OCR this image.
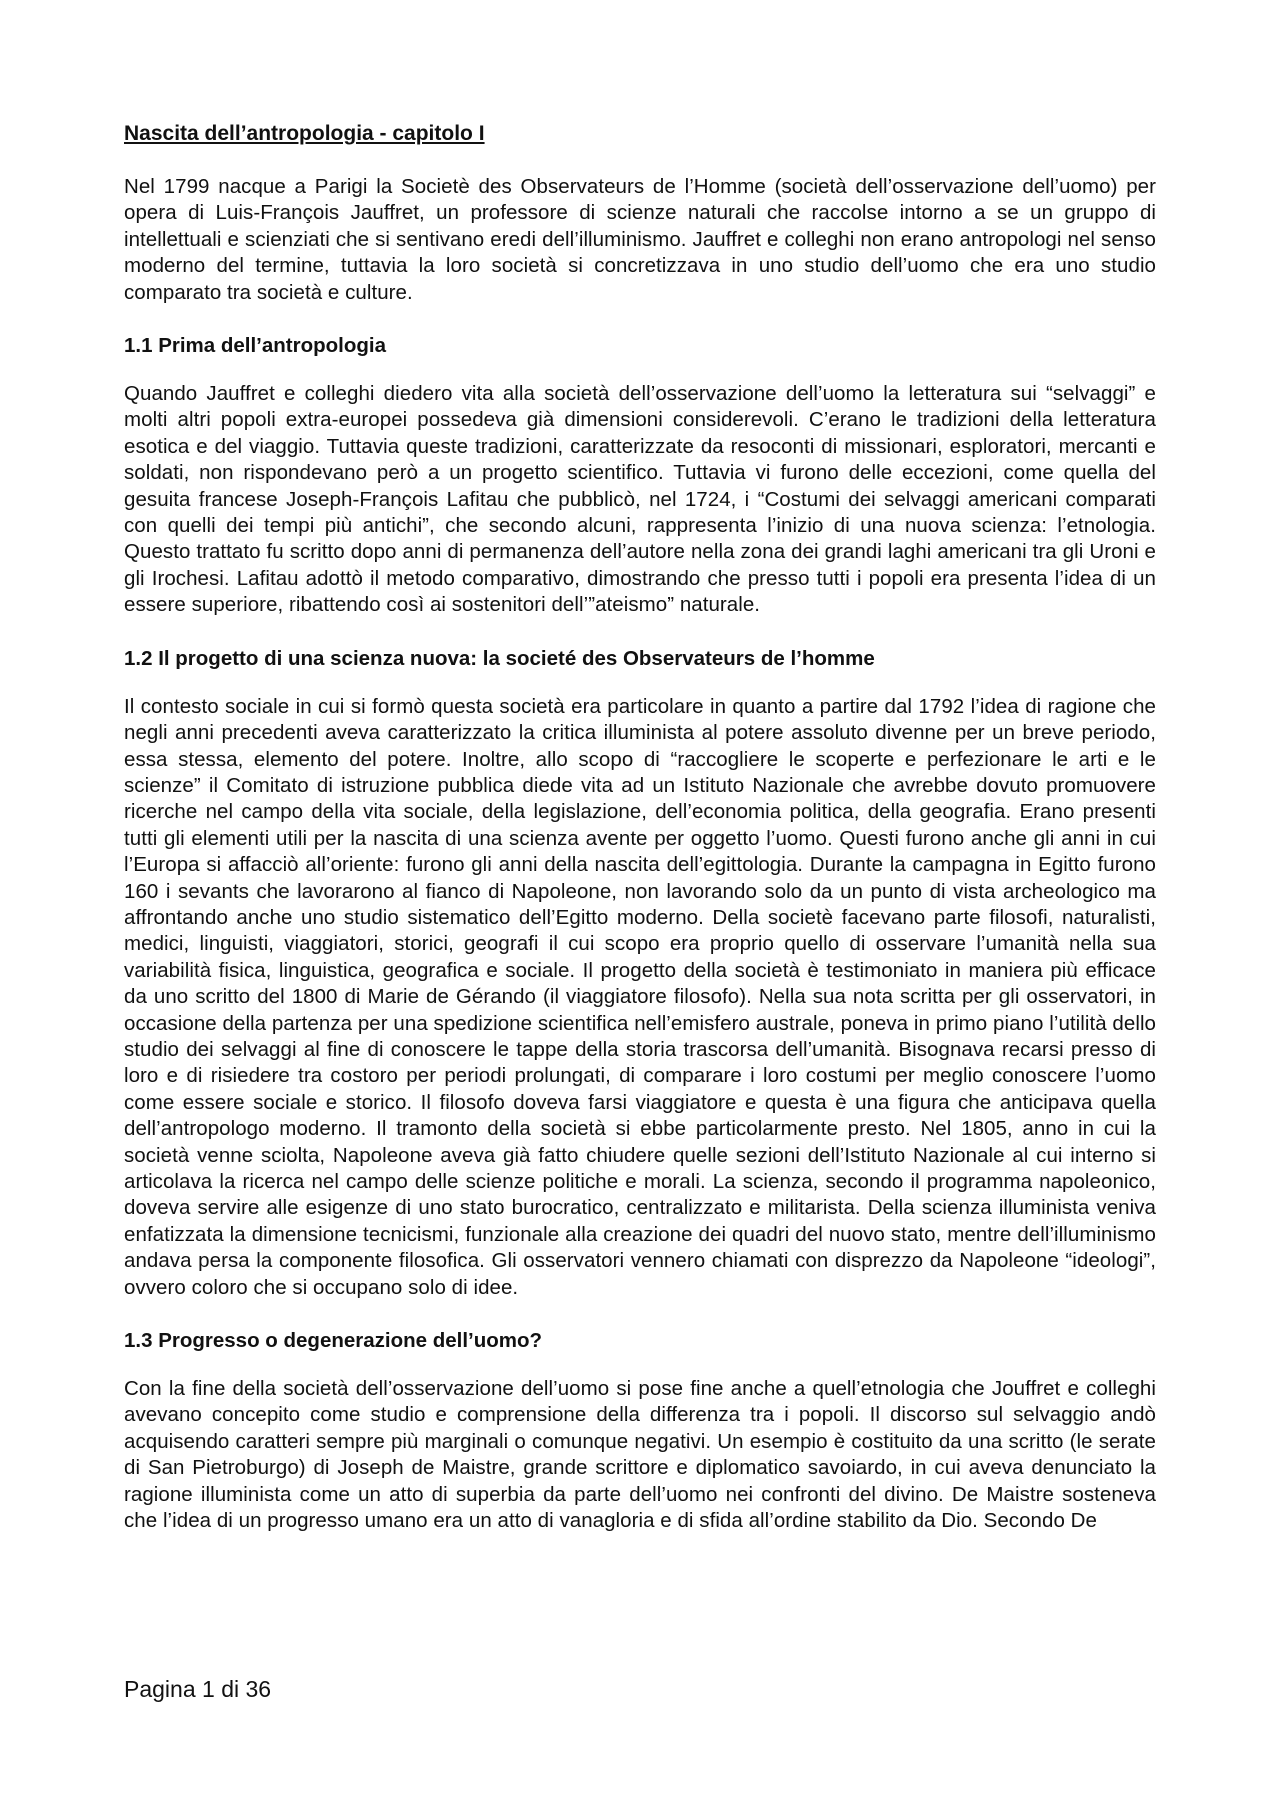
Nascita dell’antropologia - capitolo I

Nel 1799 nacque a Parigi la Societè des Observateurs de l’Homme (società dell’osservazione dell’uomo) per opera di Luis-François Jauffret, un professore di scienze naturali che raccolse intorno a se un gruppo di intellettuali e scienziati che si sentivano eredi dell’illuminismo. Jauffret e colleghi non erano antropologi nel senso moderno del termine, tuttavia la loro società si concretizzava in uno studio dell’uomo che era uno studio comparato tra società e culture.

1.1 Prima dell’antropologia

Quando Jauffret e colleghi diedero vita alla società dell’osservazione dell’uomo la letteratura sui “selvaggi” e molti altri popoli extra-europei possedeva già dimensioni considerevoli. C’erano le tradizioni della letteratura esotica e del viaggio. Tuttavia queste tradizioni, caratterizzate da resoconti di missionari, esploratori, mercanti e soldati, non rispondevano però a un progetto scientifico. Tuttavia vi furono delle eccezioni, come quella del gesuita francese Joseph-François Lafitau che pubblicò, nel 1724, i “Costumi dei selvaggi americani comparati con quelli dei tempi più antichi”, che secondo alcuni, rappresenta l’inizio di una nuova scienza: l’etnologia. Questo trattato fu scritto dopo anni di permanenza dell’autore nella zona dei grandi laghi americani tra gli Uroni e gli Irochesi. Lafitau adottò il metodo comparativo, dimostrando che presso tutti i popoli era presenta l’idea di un essere superiore, ribattendo così ai sostenitori dell’”ateismo” naturale.

1.2 Il progetto di una scienza nuova: la societé des Observateurs de l’homme

Il contesto sociale in cui si formò questa società era particolare in quanto a partire dal 1792 l’idea di ragione che negli anni precedenti aveva caratterizzato la critica illuminista al potere assoluto divenne per un breve periodo, essa stessa, elemento del potere. Inoltre, allo scopo di “raccogliere le scoperte e perfezionare le arti e le scienze” il Comitato di istruzione pubblica diede vita ad un Istituto Nazionale che avrebbe dovuto promuovere ricerche nel campo della vita sociale, della legislazione, dell’economia politica, della geografia. Erano presenti tutti gli elementi utili per la nascita di una scienza avente per oggetto l’uomo. Questi furono anche gli anni in cui l’Europa si affacciò all’oriente: furono gli anni della nascita dell’egittologia. Durante la campagna in Egitto furono 160 i sevants che lavorarono al fianco di Napoleone, non lavorando solo da un punto di vista archeologico ma affrontando anche uno studio sistematico dell’Egitto moderno. Della societè facevano parte filosofi, naturalisti, medici, linguisti, viaggiatori, storici, geografi il cui scopo era proprio quello di osservare l’umanità nella sua variabilità fisica, linguistica, geografica e sociale. Il progetto della società è testimoniato in maniera più efficace da uno scritto del 1800 di Marie de Gérando (il viaggiatore filosofo). Nella sua nota scritta per gli osservatori, in occasione della partenza per una spedizione scientifica nell’emisfero australe, poneva in primo piano l’utilità dello studio dei selvaggi al fine di conoscere le tappe della storia trascorsa dell’umanità. Bisognava recarsi presso di loro e di risiedere tra costoro per periodi prolungati, di comparare i loro costumi per meglio conoscere l’uomo come essere sociale e storico. Il filosofo doveva farsi viaggiatore e questa è una figura che anticipava quella dell’antropologo moderno. Il tramonto della società si ebbe particolarmente presto. Nel 1805, anno in cui la società venne sciolta, Napoleone aveva già fatto chiudere quelle sezioni dell’Istituto Nazionale al cui interno si articolava la ricerca nel campo delle scienze politiche e morali. La scienza, secondo il programma napoleonico, doveva servire alle esigenze di uno stato burocratico, centralizzato e militarista. Della scienza illuminista veniva enfatizzata la dimensione tecnicismi, funzionale alla creazione dei quadri del nuovo stato, mentre dell’illuminismo andava persa la componente filosofica. Gli osservatori vennero chiamati con disprezzo da Napoleone “ideologi”, ovvero coloro che si occupano solo di idee.

1.3 Progresso o degenerazione dell’uomo?

Con la fine della società dell’osservazione dell’uomo si pose fine anche a quell’etnologia che Jouffret e colleghi avevano concepito come studio e comprensione della differenza tra i popoli. Il discorso sul selvaggio andò acquisendo caratteri sempre più marginali o comunque negativi. Un esempio è costituito da una scritto (le serate di San Pietroburgo) di Joseph de Maistre, grande scrittore e diplomatico savoiardo, in cui aveva denunciato la ragione illuminista come un atto di superbia da parte dell’uomo nei confronti del divino. De Maistre sosteneva che l’idea di un progresso umano era un atto di vanagloria e di sfida all’ordine stabilito da Dio. Secondo De

Pagina 1 di 36
